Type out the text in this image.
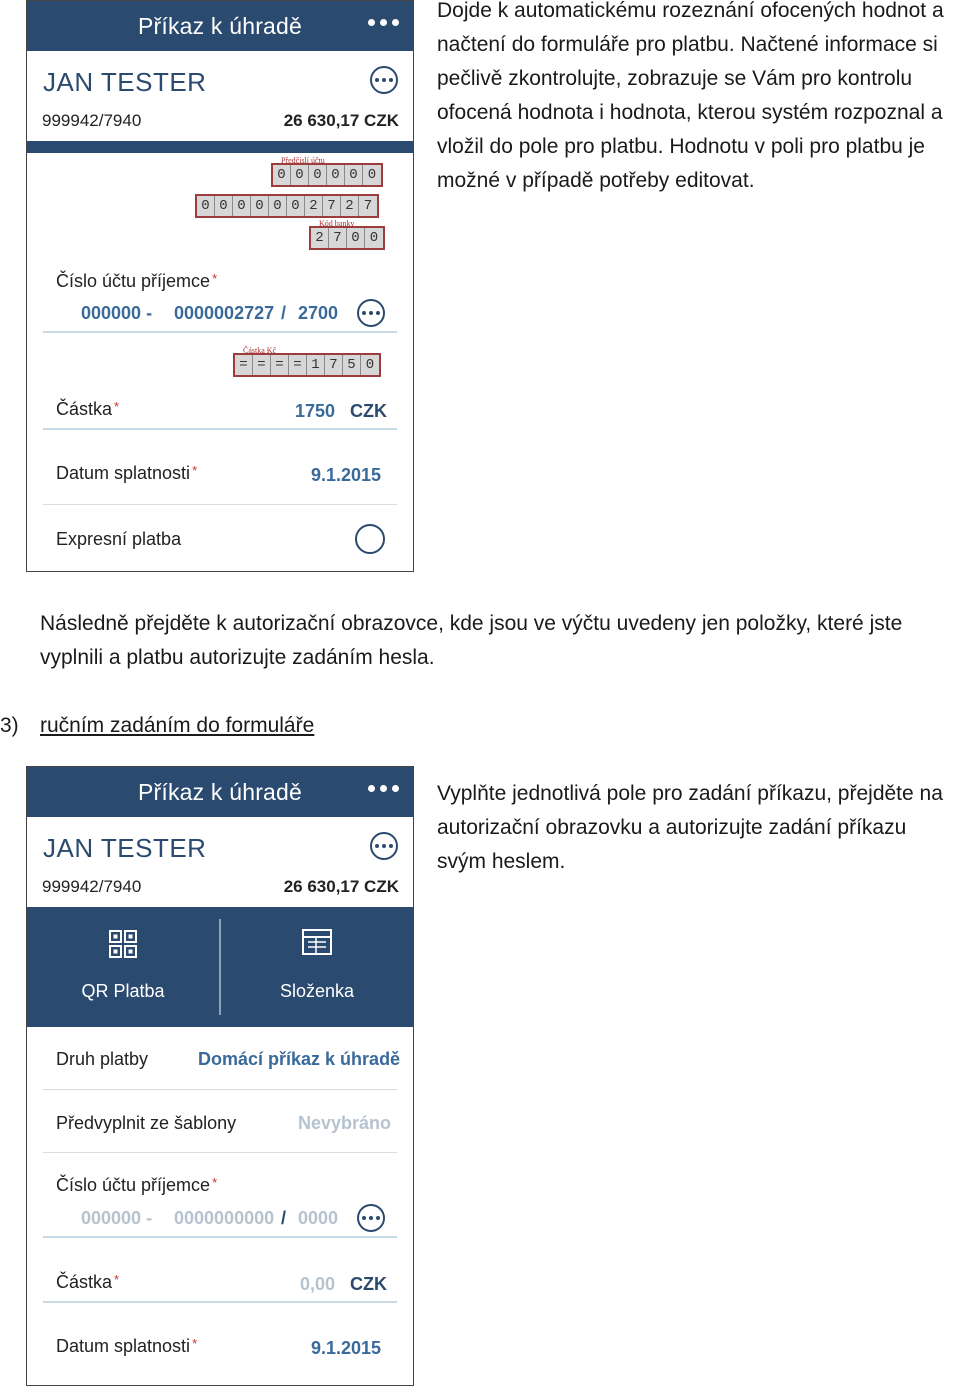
Příkaz k úhradě
JAN TESTER
999942/7940	26 630,17 CZK
Předčíslí účtu
0 0 0 0 0 0
0 0 0 0 0 0 2 7 2 7
Kód banky
2 7 0 0
Číslo účtu příjemce *
000000 - 0000002727 / 2700
Částka Kč
= = = = 1 7 5 0
Částka *	1750 CZK
Datum splatnosti *	9.1.2015
Expresní platba
Dojde k automatickému rozeznání ofocených hodnot a načtení do formuláře pro platbu. Načtené informace si pečlivě zkontrolujte, zobrazuje se Vám pro kontrolu ofocená hodnota i hodnota, kterou systém rozpoznal a vložil do pole pro platbu. Hodnotu v poli pro platbu je možné v případě potřeby editovat.
Následně přejděte k autorizační obrazovce, kde jsou ve výčtu uvedeny jen položky, které jste vyplnili a platbu autorizujte zadáním hesla.
3) ručním zadáním do formuláře
Vyplňte jednotlivá pole pro zadání příkazu, přejděte na autorizační obrazovku a autorizujte zadání příkazu svým heslem.
Příkaz k úhradě
JAN TESTER
999942/7940	26 630,17 CZK
QR Platba	Složenka
Druh platby	Domácí příkaz k úhradě
Předvyplnit ze šablony	Nevybráno
Číslo účtu příjemce *
000000 - 0000000000 / 0000
Částka *	0,00 CZK
Datum splatnosti *	9.1.2015
